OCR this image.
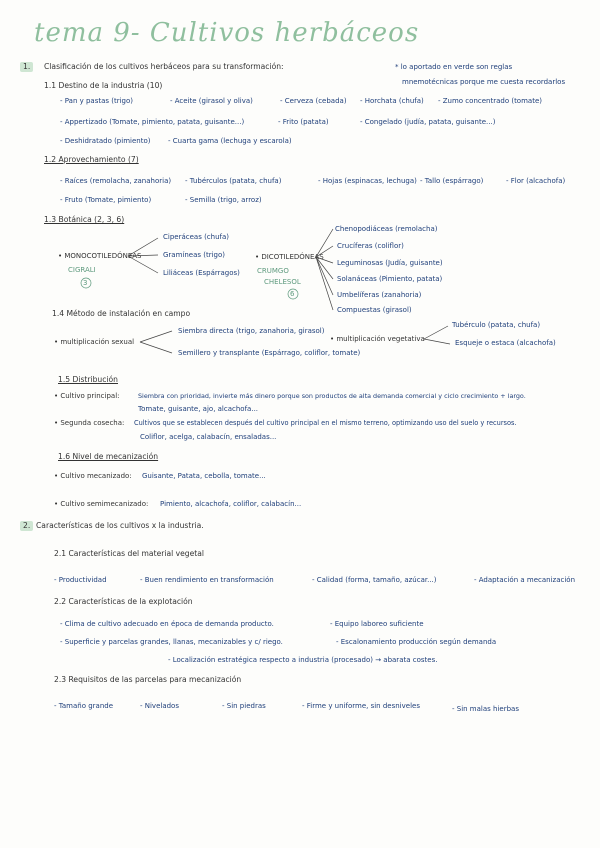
tema 9- Cultivos herbáceos
* lo aportado en verde son reglas
mnemotécnicas porque me cuesta recordarlos
1.	Clasificación de los cultivos herbáceos para su transformación:
1.1 Destino de la industria (10)
- Pan y pastas (trigo)	- Aceite (girasol y oliva)	- Cerveza (cebada) - Horchata (chufa) - Zumo concentrado (tomate)
- Appertizado (Tomate, pimiento, patata, guisante...)	- Frito (patata)	- Congelado (judía, patata, guisante...)
- Deshidratado (pimiento)	- Cuarta gama (lechuga y escarola)
1.2 Aprovechamiento (7)
- Raíces (remolacha, zanahoria) - Tubérculos (patata, chufa)	- Hojas (espinacas, lechuga) - Tallo (espárrago)	- Flor (alcachofa)
- Fruto (Tomate, pimiento)	- Semilla (trigo, arroz)
1.3 Botánica (2, 3, 6)
• MONOCOTILEDÓNEAS
CIGRALI
3
Ciperáceas (chufa)
Gramíneas (trigo)
Liliáceas (Espárragos)
• DICOTILEDÓNEAS
CRUMGO
CHELESOL
6
Chenopodiáceas (remolacha)
Crucíferas (coliflor)
Leguminosas (Judía, guisante)
Solanáceas (Pimiento, patata)
Umbelíferas (zanahoria)
Compuestas (girasol)
1.4 Método de instalación en campo
• multiplicación sexual
Siembra directa (trigo, zanahoria, girasol)
Semillero y transplante (Espárrago, coliflor, tomate)
• multiplicación vegetativa
Tubérculo (patata, chufa)
Esqueje o estaca (alcachofa)
1.5 Distribución
• Cultivo principal:	Siembra con prioridad, invierte más dinero porque son productos de alta demanda comercial y ciclo crecimiento + largo.
Tomate, guisante, ajo, alcachofa...
• Segunda cosecha: Cultivos que se establecen después del cultivo principal en el mismo terreno, optimizando uso del suelo y recursos.
Coliflor, acelga, calabacín, ensaladas...
1.6 Nivel de mecanización
• Cultivo mecanizado: Guisante, Patata, cebolla, tomate...
• Cultivo semimecanizado: Pimiento, alcachofa, coliflor, calabacín...
2. Características de los cultivos x la industria.
2.1 Características del material vegetal
- Productividad	- Buen rendimiento en transformación	- Calidad (forma, tamaño, azúcar...)	- Adaptación a mecanización
2.2 Características de la explotación
- Clima de cultivo adecuado en época de demanda producto.	- Equipo laboreo suficiente
- Superficie y parcelas grandes, llanas, mecanizables y c/ riego.	- Escalonamiento producción según demanda
- Localización estratégica respecto a industria (procesado) → abarata costes.
2.3 Requisitos de las parcelas para mecanización
- Tamaño grande	- Nivelados	- Sin piedras	- Firme y uniforme, sin desniveles	- Sin malas hierbas
